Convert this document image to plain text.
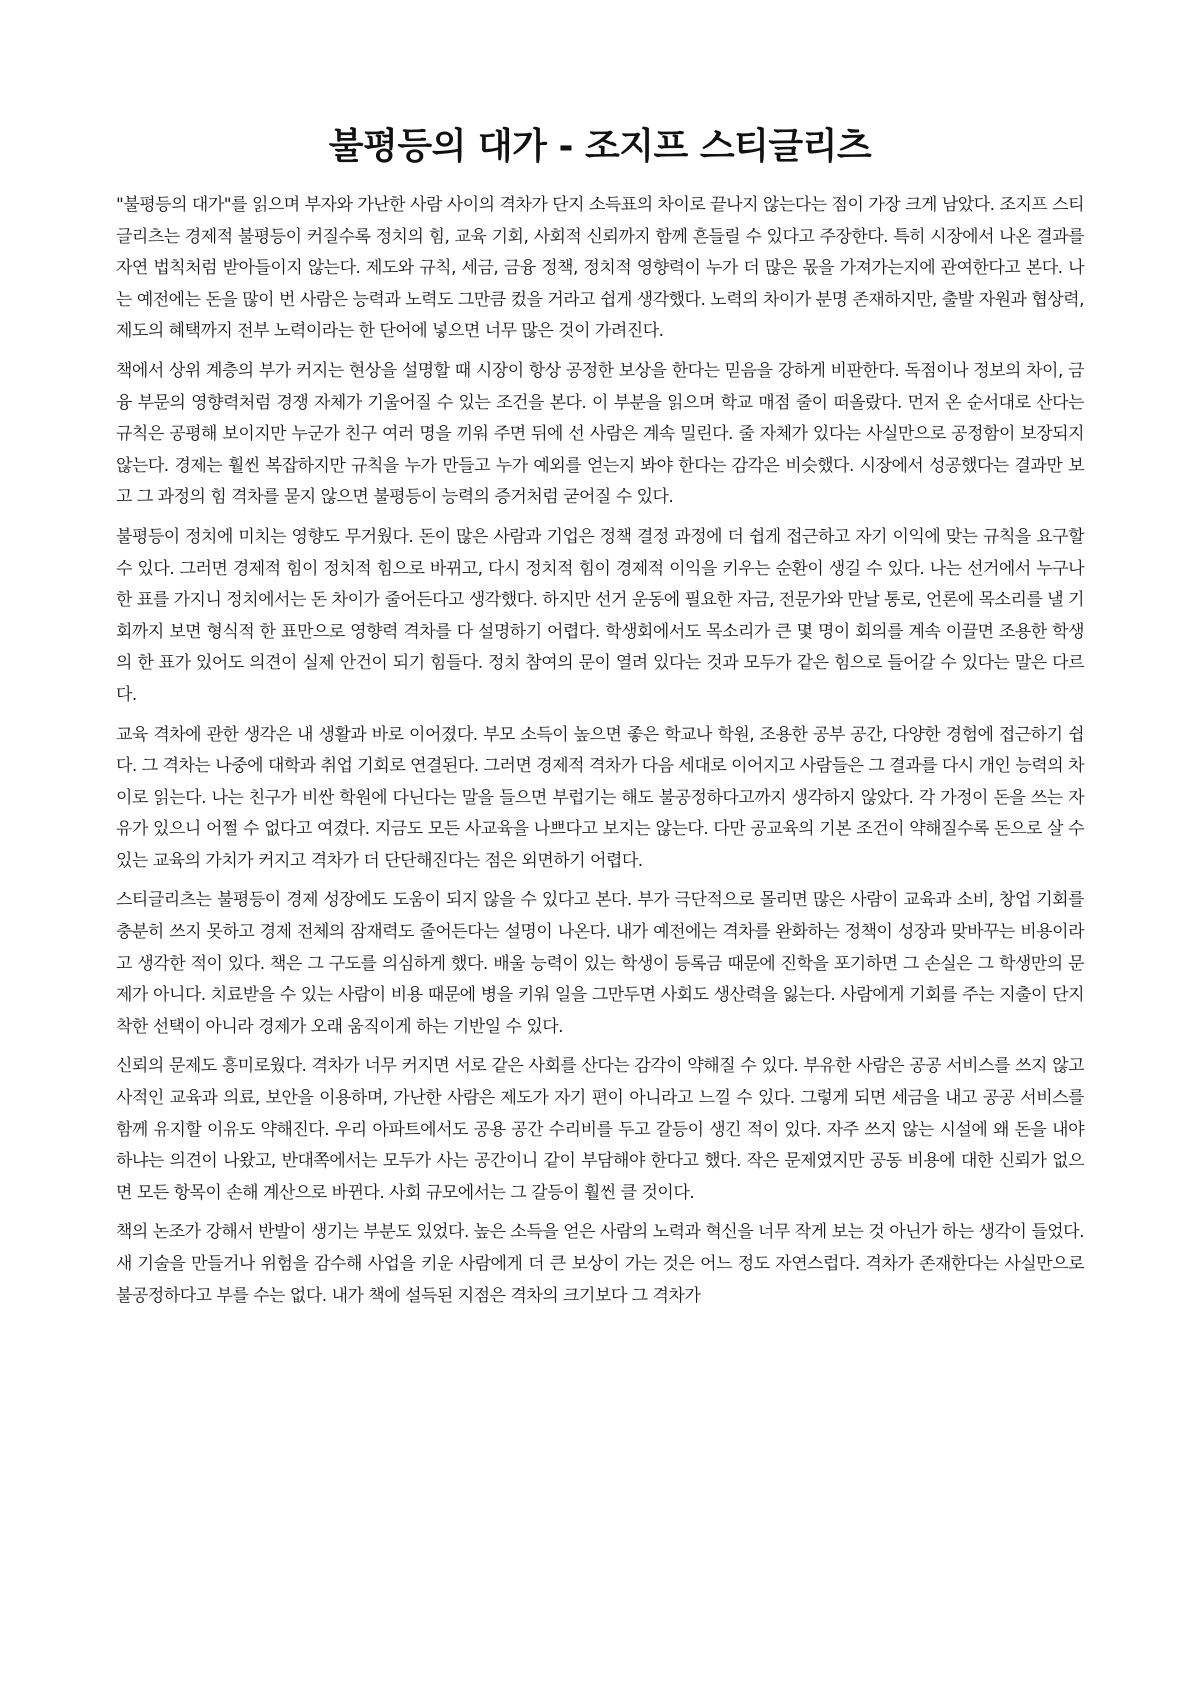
불평등의 대가 - 조지프 스티글리츠

"불평등의 대가"를 읽으며 부자와 가난한 사람 사이의 격차가 단지 소득표의 차이로 끝나지 않는다는 점이 가장 크게 남았다. 조지프 스티글리츠는 경제적 불평등이 커질수록 정치의 힘, 교육 기회, 사회적 신뢰까지 함께 흔들릴 수 있다고 주장한다. 특히 시장에서 나온 결과를 자연 법칙처럼 받아들이지 않는다. 제도와 규칙, 세금, 금융 정책, 정치적 영향력이 누가 더 많은 몫을 가져가는지에 관여한다고 본다. 나는 예전에는 돈을 많이 번 사람은 능력과 노력도 그만큼 컸을 거라고 쉽게 생각했다. 노력의 차이가 분명 존재하지만, 출발 자원과 협상력, 제도의 혜택까지 전부 노력이라는 한 단어에 넣으면 너무 많은 것이 가려진다.

책에서 상위 계층의 부가 커지는 현상을 설명할 때 시장이 항상 공정한 보상을 한다는 믿음을 강하게 비판한다. 독점이나 정보의 차이, 금융 부문의 영향력처럼 경쟁 자체가 기울어질 수 있는 조건을 본다. 이 부분을 읽으며 학교 매점 줄이 떠올랐다. 먼저 온 순서대로 산다는 규칙은 공평해 보이지만 누군가 친구 여러 명을 끼워 주면 뒤에 선 사람은 계속 밀린다. 줄 자체가 있다는 사실만으로 공정함이 보장되지 않는다. 경제는 훨씬 복잡하지만 규칙을 누가 만들고 누가 예외를 얻는지 봐야 한다는 감각은 비슷했다. 시장에서 성공했다는 결과만 보고 그 과정의 힘 격차를 묻지 않으면 불평등이 능력의 증거처럼 굳어질 수 있다.

불평등이 정치에 미치는 영향도 무거웠다. 돈이 많은 사람과 기업은 정책 결정 과정에 더 쉽게 접근하고 자기 이익에 맞는 규칙을 요구할 수 있다. 그러면 경제적 힘이 정치적 힘으로 바뀌고, 다시 정치적 힘이 경제적 이익을 키우는 순환이 생길 수 있다. 나는 선거에서 누구나 한 표를 가지니 정치에서는 돈 차이가 줄어든다고 생각했다. 하지만 선거 운동에 필요한 자금, 전문가와 만날 통로, 언론에 목소리를 낼 기회까지 보면 형식적 한 표만으로 영향력 격차를 다 설명하기 어렵다. 학생회에서도 목소리가 큰 몇 명이 회의를 계속 이끌면 조용한 학생의 한 표가 있어도 의견이 실제 안건이 되기 힘들다. 정치 참여의 문이 열려 있다는 것과 모두가 같은 힘으로 들어갈 수 있다는 말은 다르다.

교육 격차에 관한 생각은 내 생활과 바로 이어졌다. 부모 소득이 높으면 좋은 학교나 학원, 조용한 공부 공간, 다양한 경험에 접근하기 쉽다. 그 격차는 나중에 대학과 취업 기회로 연결된다. 그러면 경제적 격차가 다음 세대로 이어지고 사람들은 그 결과를 다시 개인 능력의 차이로 읽는다. 나는 친구가 비싼 학원에 다닌다는 말을 들으면 부럽기는 해도 불공정하다고까지 생각하지 않았다. 각 가정이 돈을 쓰는 자유가 있으니 어쩔 수 없다고 여겼다. 지금도 모든 사교육을 나쁘다고 보지는 않는다. 다만 공교육의 기본 조건이 약해질수록 돈으로 살 수 있는 교육의 가치가 커지고 격차가 더 단단해진다는 점은 외면하기 어렵다.

스티글리츠는 불평등이 경제 성장에도 도움이 되지 않을 수 있다고 본다. 부가 극단적으로 몰리면 많은 사람이 교육과 소비, 창업 기회를 충분히 쓰지 못하고 경제 전체의 잠재력도 줄어든다는 설명이 나온다. 내가 예전에는 격차를 완화하는 정책이 성장과 맞바꾸는 비용이라고 생각한 적이 있다. 책은 그 구도를 의심하게 했다. 배울 능력이 있는 학생이 등록금 때문에 진학을 포기하면 그 손실은 그 학생만의 문제가 아니다. 치료받을 수 있는 사람이 비용 때문에 병을 키워 일을 그만두면 사회도 생산력을 잃는다. 사람에게 기회를 주는 지출이 단지 착한 선택이 아니라 경제가 오래 움직이게 하는 기반일 수 있다.

신뢰의 문제도 흥미로웠다. 격차가 너무 커지면 서로 같은 사회를 산다는 감각이 약해질 수 있다. 부유한 사람은 공공 서비스를 쓰지 않고 사적인 교육과 의료, 보안을 이용하며, 가난한 사람은 제도가 자기 편이 아니라고 느낄 수 있다. 그렇게 되면 세금을 내고 공공 서비스를 함께 유지할 이유도 약해진다. 우리 아파트에서도 공용 공간 수리비를 두고 갈등이 생긴 적이 있다. 자주 쓰지 않는 시설에 왜 돈을 내야 하냐는 의견이 나왔고, 반대쪽에서는 모두가 사는 공간이니 같이 부담해야 한다고 했다. 작은 문제였지만 공동 비용에 대한 신뢰가 없으면 모든 항목이 손해 계산으로 바뀐다. 사회 규모에서는 그 갈등이 훨씬 클 것이다.

책의 논조가 강해서 반발이 생기는 부분도 있었다. 높은 소득을 얻은 사람의 노력과 혁신을 너무 작게 보는 것 아닌가 하는 생각이 들었다. 새 기술을 만들거나 위험을 감수해 사업을 키운 사람에게 더 큰 보상이 가는 것은 어느 정도 자연스럽다. 격차가 존재한다는 사실만으로 불공정하다고 부를 수는 없다. 내가 책에 설득된 지점은 격차의 크기보다 그 격차가
